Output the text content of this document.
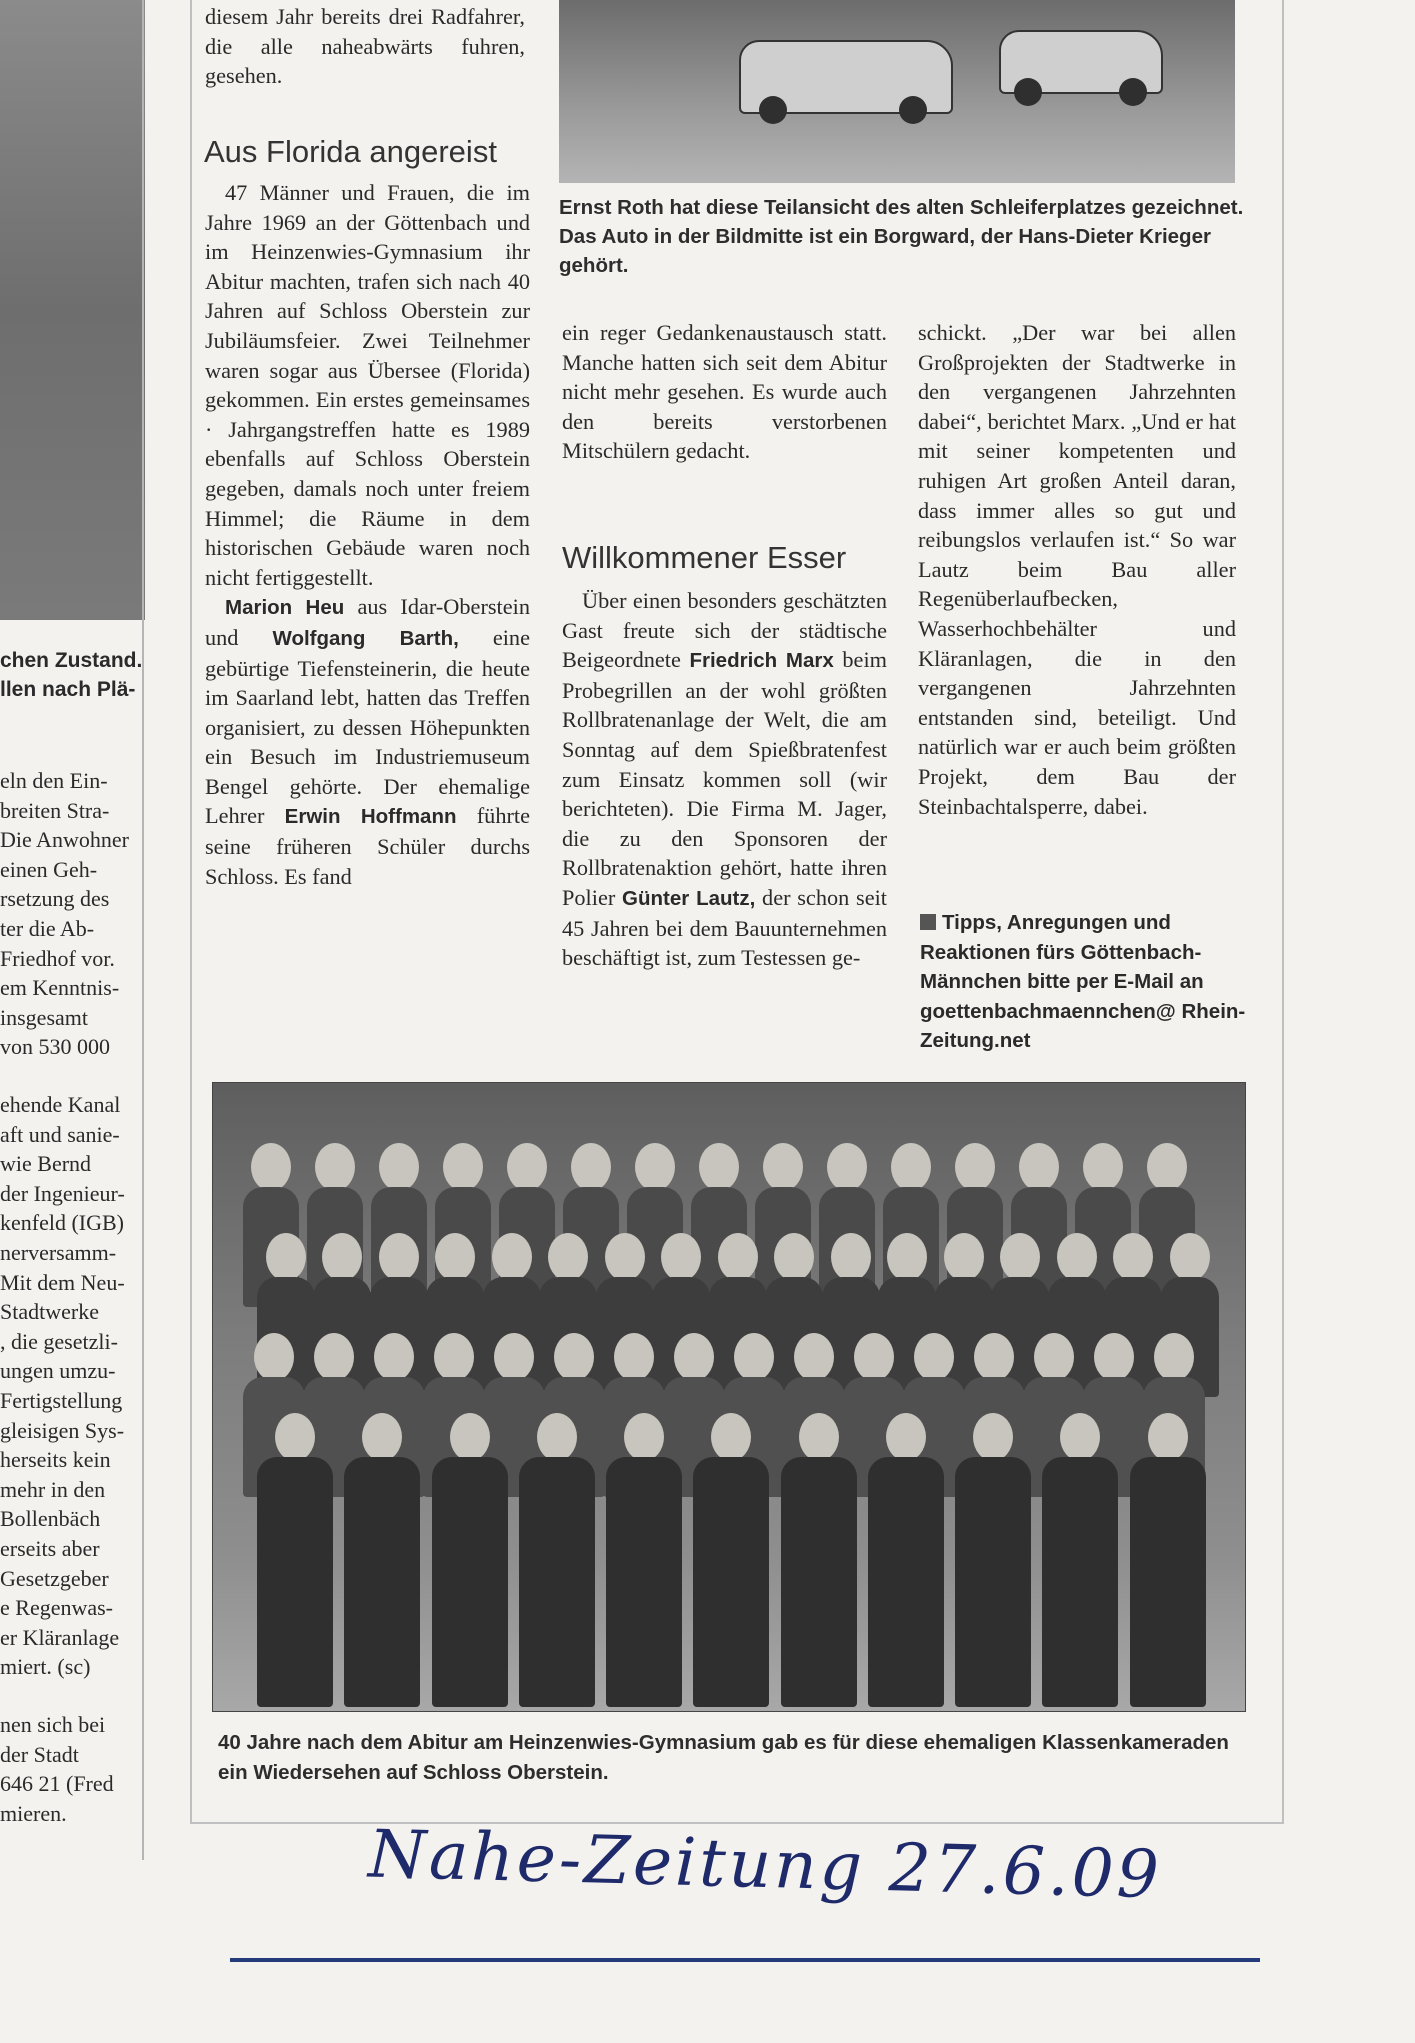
chen Zustand.
llen nach Plä-
eln den Ein-
breiten Stra-
Die Anwohner
einen Geh-
rsetzung des
ter die Ab-
Friedhof vor.
em Kenntnis-
insgesamt
von 530 000
ehende Kanal
aft und sanie-
wie Bernd
der Ingenieur-
kenfeld (IGB)
nerversamm-
Mit dem Neu-
Stadtwerke
, die gesetzli-
ungen umzu-
Fertigstellung
gleisigen Sys-
herseits kein
mehr in den
Bollenbäch
erseits aber
Gesetzgeber
e Regenwas-
er Kläranlage
miert. (sc)
nen sich bei
der Stadt
646 21 (Fred
mieren.

diesem Jahr bereits drei Radfahrer, die alle naheabwärts fuhren, gesehen.

Aus Florida angereist

47 Männer und Frauen, die im Jahre 1969 an der Göttenbach und im Heinzenwies-Gymnasium ihr Abitur machten, trafen sich nach 40 Jahren auf Schloss Oberstein zur Jubiläumsfeier. Zwei Teilnehmer waren sogar aus Übersee (Florida) gekommen. Ein erstes gemeinsames · Jahrgangstreffen hatte es 1989 ebenfalls auf Schloss Oberstein gegeben, damals noch unter freiem Himmel; die Räume in dem historischen Gebäude waren noch nicht fertiggestellt.

Marion Heu aus Idar-Oberstein und Wolfgang Barth, eine gebürtige Tiefensteinerin, die heute im Saarland lebt, hatten das Treffen organisiert, zu dessen Höhepunkten ein Besuch im Industriemuseum Bengel gehörte. Der ehemalige Lehrer Erwin Hoffmann führte seine früheren Schüler durchs Schloss. Es fand

Ernst Roth hat diese Teilansicht des alten Schleiferplatzes gezeichnet. Das Auto in der Bildmitte ist ein Borgward, der Hans-Dieter Krieger gehört.

ein reger Gedankenaustausch statt. Manche hatten sich seit dem Abitur nicht mehr gesehen. Es wurde auch den bereits verstorbenen Mitschülern gedacht.

Willkommener Esser

Über einen besonders geschätzten Gast freute sich der städtische Beigeordnete Friedrich Marx beim Probegrillen an der wohl größten Rollbratenanlage der Welt, die am Sonntag auf dem Spießbratenfest zum Einsatz kommen soll (wir berichteten). Die Firma M. Jager, die zu den Sponsoren der Rollbratenaktion gehört, hatte ihren Polier Günter Lautz, der schon seit 45 Jahren bei dem Bauunternehmen beschäftigt ist, zum Testessen ge-

schickt. „Der war bei allen Großprojekten der Stadtwerke in den vergangenen Jahrzehnten dabei“, berichtet Marx. „Und er hat mit seiner kompetenten und ruhigen Art großen Anteil daran, dass immer alles so gut und reibungslos verlaufen ist.“ So war Lautz beim Bau aller Regenüberlaufbecken, Wasserhochbehälter und Kläranlagen, die in den vergangenen Jahrzehnten entstanden sind, beteiligt. Und natürlich war er auch beim größten Projekt, dem Bau der Steinbachtalsperre, dabei.

Tipps, Anregungen und Reaktionen fürs Göttenbach-Männchen bitte per E-Mail an goettenbachmaennchen@ Rhein-Zeitung.net
40 Jahre nach dem Abitur am Heinzenwies-Gymnasium gab es für diese ehemaligen Klassenkameraden ein Wiedersehen auf Schloss Oberstein.
Nahe-Zeitung 27.6.09
